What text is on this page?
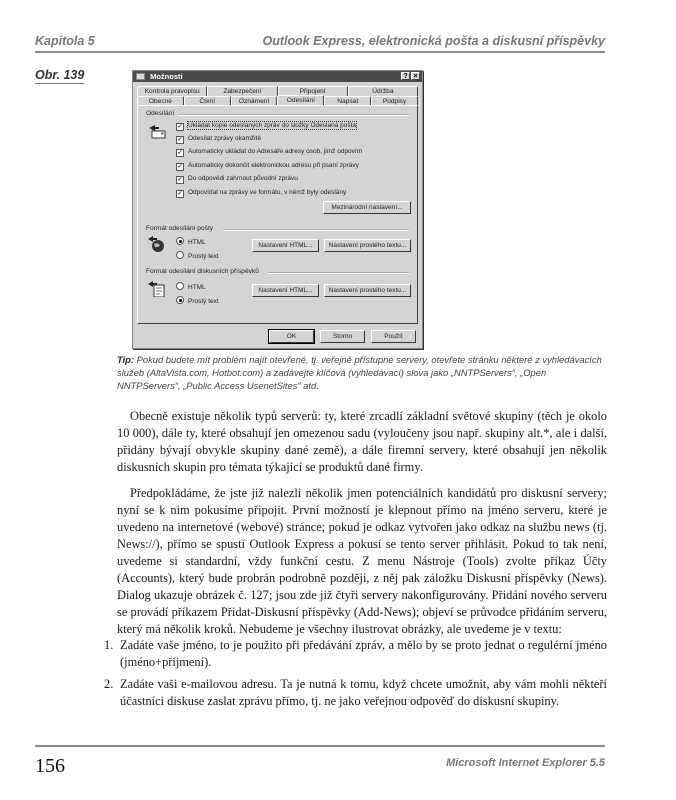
Kapitola 5	Outlook Express, elektronická pošta a diskusní příspěvky
Obr. 139	Možnosti	? ×
Kontrola pravopisu	Zabezpečení	Připojení	Údržba
Obecné	Čtení	Oznámení	Odesílání	Napsat	Podpisy
Odesílání
✓ Ukládat kopie odeslaných zpráv do složky Odeslaná pošta
✓ Odesílat zprávy okamžitě
✓ Automaticky ukládat do Adresáře adresy osob, jimž odpovím
✓ Automaticky dokončit elektronickou adresu při psaní zprávy
✓ Do odpovědi zahrnout původní zprávu
✓ Odpovídat na zprávy ve formátu, v němž byly odeslány
Mezinárodní nastavení...
Formát odesílání pošty
HTML
Prostý text
Nastavení HTML...	Nastavení prostého textu...
Formát odesílání diskusních příspěvků
HTML
Prostý text
Nastavení HTML...	Nastavení prostého textu...
OK	Storno	Použít
Tip: Pokud budete mít problém najít otevřené, tj. veřejně přístupné servery, otevřete stránku některé z vyhledávacích služeb (AltaVista.com, Hotbot.com) a zadávejte klíčová (vyhledávací) slova jako „NNTPServers“, „Open NNTPServers“, „Public Access UsenetSites“ atd.
Obecně existuje několik typů serverů: ty, které zrcadlí základní světové skupiny (těch je okolo 10 000), dále ty, které obsahují jen omezenou sadu (vyloučeny jsou např. skupiny alt.*, ale i další, přidány bývají obvykle skupiny dané země), a dále firemní servery, které obsahují jen několik diskusních skupin pro témata týkající se produktů dané firmy.
Předpokládáme, že jste již nalezli několik jmen potenciálních kandidátů pro diskusní servery; nyní se k nim pokusíme připojit. První možností je klepnout přímo na jméno serveru, které je uvedeno na internetové (webové) stránce; pokud je odkaz vytvořen jako odkaz na službu news (tj. News://), přímo se spustí Outlook Express a pokusí se tento server přihlásit. Pokud to tak není, uvedeme si standardní, vždy funkční cestu. Z menu Nástroje (Tools) zvolte příkaz Účty (Accounts), který bude probrán podrobně později, z něj pak záložku Diskusní příspěvky (News). Dialog ukazuje obrázek č. 127; jsou zde již čtyři servery nakonfigurovány. Přidání nového serveru se provádí příkazem Přidat-Diskusní příspěvky (Add-News); objeví se průvodce přidáním serveru, který má několik kroků. Nebudeme je všechny ilustrovat obrázky, ale uvedeme je v textu:
1. Zadáte vaše jméno, to je použito při předávání zpráv, a mělo by se proto jednat o regulérní jméno (jméno+příjmení).
2. Zadáte vaši e-mailovou adresu. Ta je nutná k tomu, když chcete umožnit, aby vám mohli někteří účastníci diskuse zaslat zprávu přímo, tj. ne jako veřejnou odpověď do diskusní skupiny.
156	Microsoft Internet Explorer 5.5
